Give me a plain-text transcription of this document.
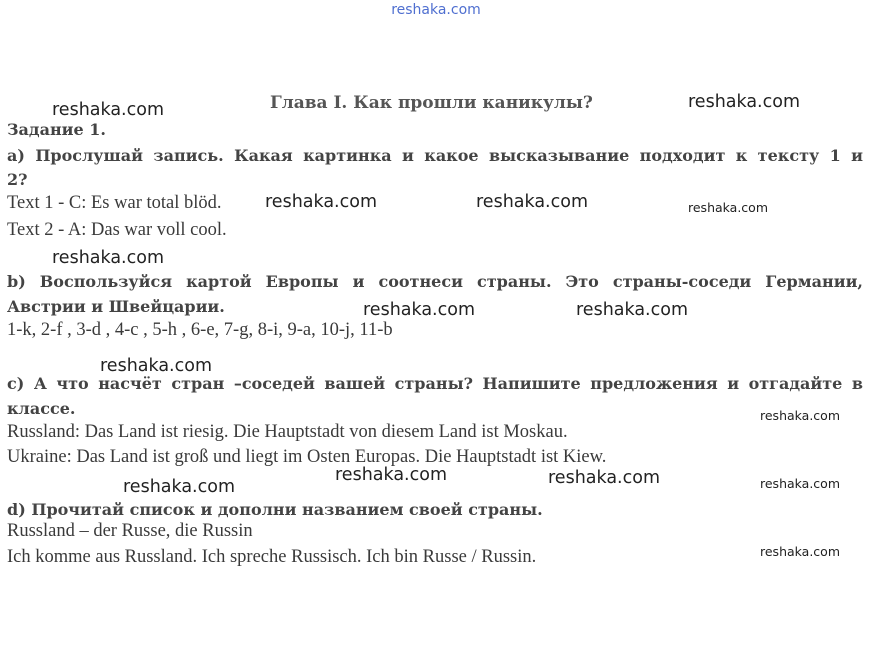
reshaka.com
Глава I. Как прошли каникулы?
Задание 1.
а) Прослушай запись. Какая картинка и какое высказывание подходит к тексту 1 и
2?
Text 1 - C: Es war total blöd.
Text 2 - A: Das war voll cool.
b) Воспользуйся картой Европы и соотнеси страны. Это страны-соседи Германии,
Австрии и Швейцарии.
1-k, 2-f , 3-d , 4-c , 5-h , 6-e, 7-g, 8-i, 9-a, 10-j, 11-b
с) А что насчёт стран –соседей вашей страны? Напишите предложения и отгадайте в
классе.
Russland: Das Land ist riesig. Die Hauptstadt von diesem Land ist Moskau.
Ukraine: Das Land ist groß und liegt im Osten Europas. Die Hauptstadt ist Kiew.
d) Прочитай список и дополни названием своей страны.
Russland – der Russe, die Russin
Ich komme aus Russland. Ich spreche Russisch. Ich bin Russe / Russin.
reshaka.com	reshaka.com
reshaka.com	reshaka.com	reshaka.com
reshaka.com
reshaka.com	reshaka.com
reshaka.com
reshaka.com
reshaka.com	reshaka.com
reshaka.com	reshaka.com
reshaka.com
